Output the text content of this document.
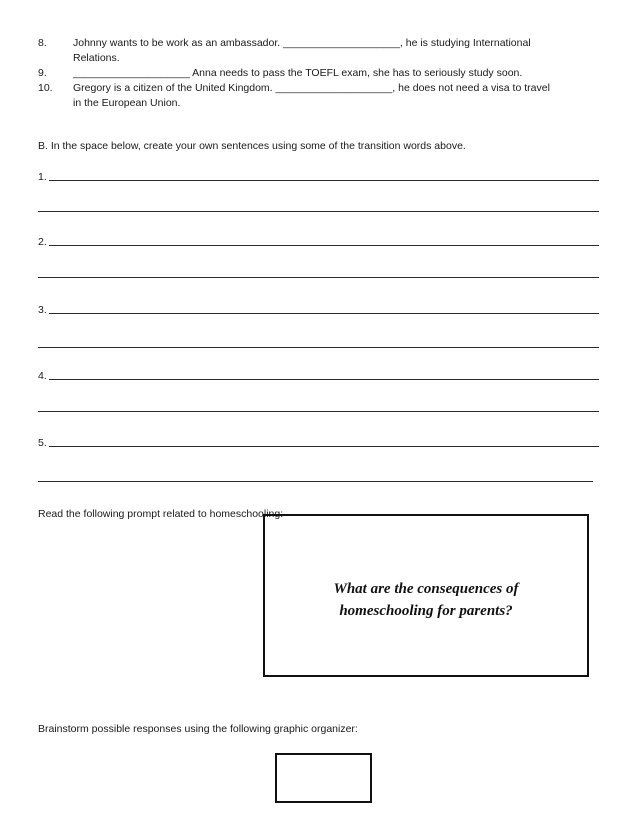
8. Johnny wants to be work as an ambassador. ____________________, he is studying International
Relations.
9. ____________________ Anna needs to pass the TOEFL exam, she has to seriously study soon.
10. Gregory is a citizen of the United Kingdom. ____________________, he does not need a visa to travel
in the European Union.
B. In the space below, create your own sentences using some of the transition words above.
1.
2.
3.
4.
5.
Read the following prompt related to homeschooling:
What are the consequences of
homeschooling for parents?
Brainstorm possible responses using the following graphic organizer:
